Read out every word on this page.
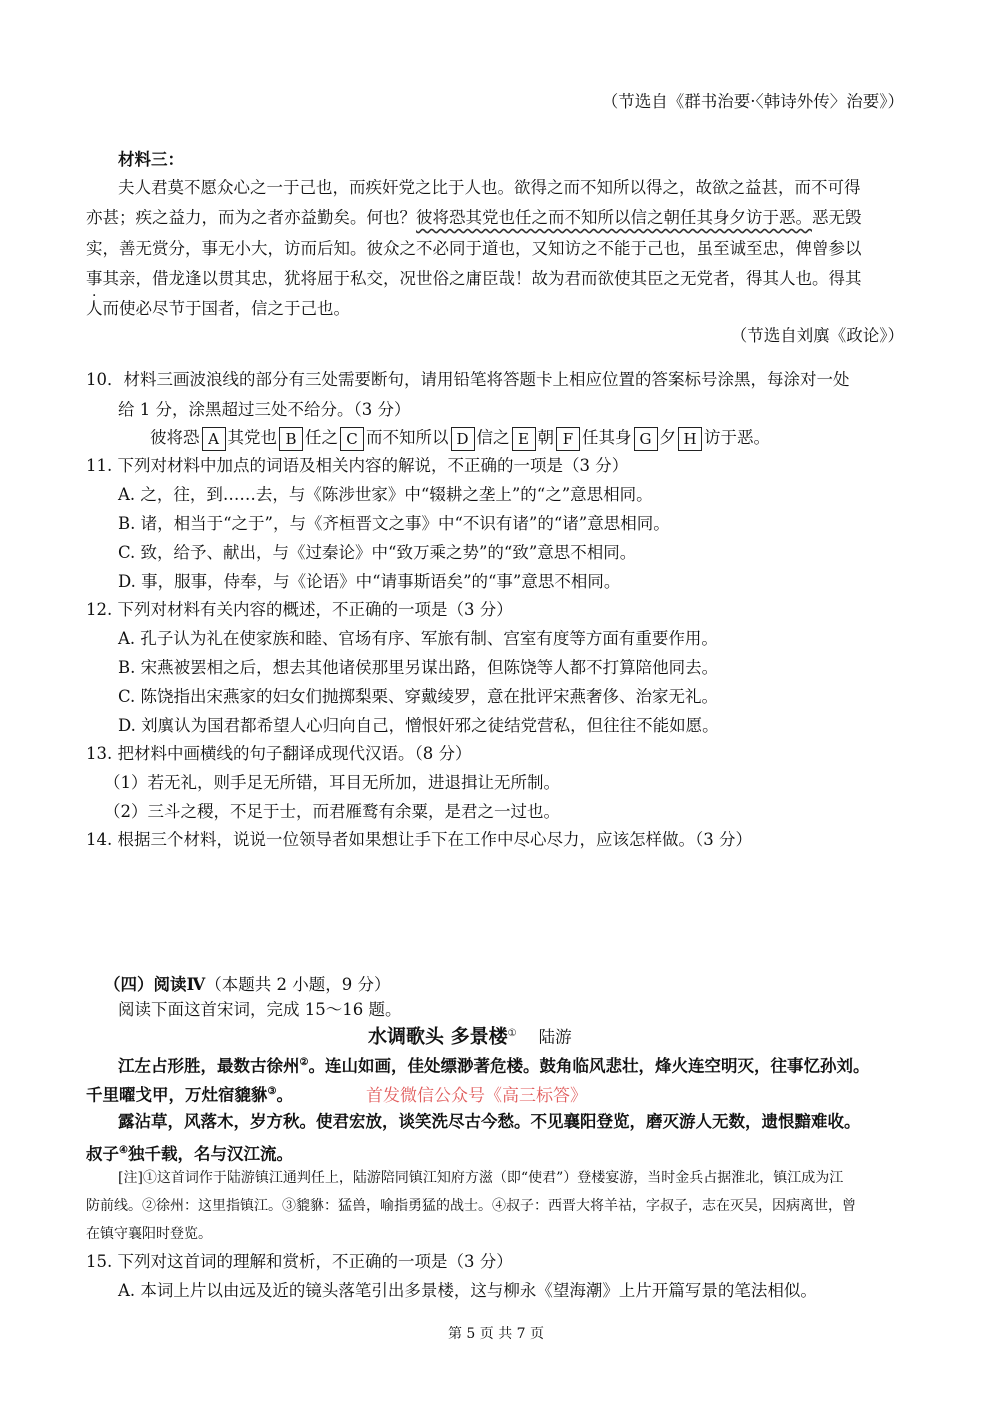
（节选自《群书治要·〈韩诗外传〉治要》）
材料三：
夫人君莫不愿众心之一于己也，而疾奸党之比于人也。欲得之而不知所以得之，故欲之益甚，而不可得
亦甚；疾之益力，而为之者亦益勤矣。何也？彼将恐其党也任之而不知所以信之朝任其身夕访于恶。恶无毁
实，善无赏分，事无小大，访而后知。彼众之不必同于道也，又知访之不能于己也，虽至诚至忠，俾曾参以
事其亲，借龙逢以贯其忠，犹将屈于私交，况世俗之庸臣哉！故为君而欲使其臣之无党者，得其人也。得其
人而使必尽节于国者，信之于己也。
（节选自刘廙《政论》）
10．材料三画波浪线的部分有三处需要断句，请用铅笔将答题卡上相应位置的答案标号涂黑，每涂对一处
给 1 分，涂黑超过三处不给分。（3 分）
彼将恐 A 其党也 B 任之 C 而不知所以 D 信之 E 朝 F 任其身 G 夕 H 访于恶。
11. 下列对材料中加点的词语及相关内容的解说，不正确的一项是（3 分）
A. 之，往，到……去，与《陈涉世家》中“辍耕之垄上”的“之”意思相同。
B. 诸，相当于“之于”，与《齐桓晋文之事》中“不识有诸”的“诸”意思相同。
C. 致，给予、献出，与《过秦论》中“致万乘之势”的“致”意思不相同。
D. 事，服事，侍奉，与《论语》中“请事斯语矣”的“事”意思不相同。
12. 下列对材料有关内容的概述，不正确的一项是（3 分）
A. 孔子认为礼在使家族和睦、官场有序、军旅有制、宫室有度等方面有重要作用。
B. 宋燕被罢相之后，想去其他诸侯那里另谋出路，但陈饶等人都不打算陪他同去。
C. 陈饶指出宋燕家的妇女们抛掷梨栗、穿戴绫罗，意在批评宋燕奢侈、治家无礼。
D. 刘廙认为国君都希望人心归向自己，憎恨奸邪之徒结党营私，但往往不能如愿。
13. 把材料中画横线的句子翻译成现代汉语。（8 分）
（1）若无礼，则手足无所错，耳目无所加，进退揖让无所制。
（2）三斗之稷，不足于士，而君雁鹜有余粟，是君之一过也。
14. 根据三个材料，说说一位领导者如果想让手下在工作中尽心尽力，应该怎样做。（3 分）
（四）阅读Ⅳ（本题共 2 小题，9 分）
阅读下面这首宋词，完成 15～16 题。
水调歌头 多景楼① 陆游
江左占形胜，最数古徐州②。连山如画，佳处缥渺著危楼。鼓角临风悲壮，烽火连空明灭，往事忆孙刘。
千里曜戈甲，万灶宿貔貅③。	首发微信公众号《高三标答》
露沾草，风落木，岁方秋。使君宏放，谈笑洗尽古今愁。不见襄阳登览，磨灭游人无数，遗恨黯难收。
叔子④独千载，名与汉江流。
[注]①这首词作于陆游镇江通判任上，陆游陪同镇江知府方滋（即“使君”）登楼宴游，当时金兵占据淮北，镇江成为江
防前线。②徐州：这里指镇江。③貔貅：猛兽，喻指勇猛的战士。④叔子：西晋大将羊祜，字叔子，志在灭吴，因病离世，曾
在镇守襄阳时登览。
15. 下列对这首词的理解和赏析，不正确的一项是（3 分）
A. 本词上片以由远及近的镜头落笔引出多景楼，这与柳永《望海潮》上片开篇写景的笔法相似。
第 5 页 共 7 页
